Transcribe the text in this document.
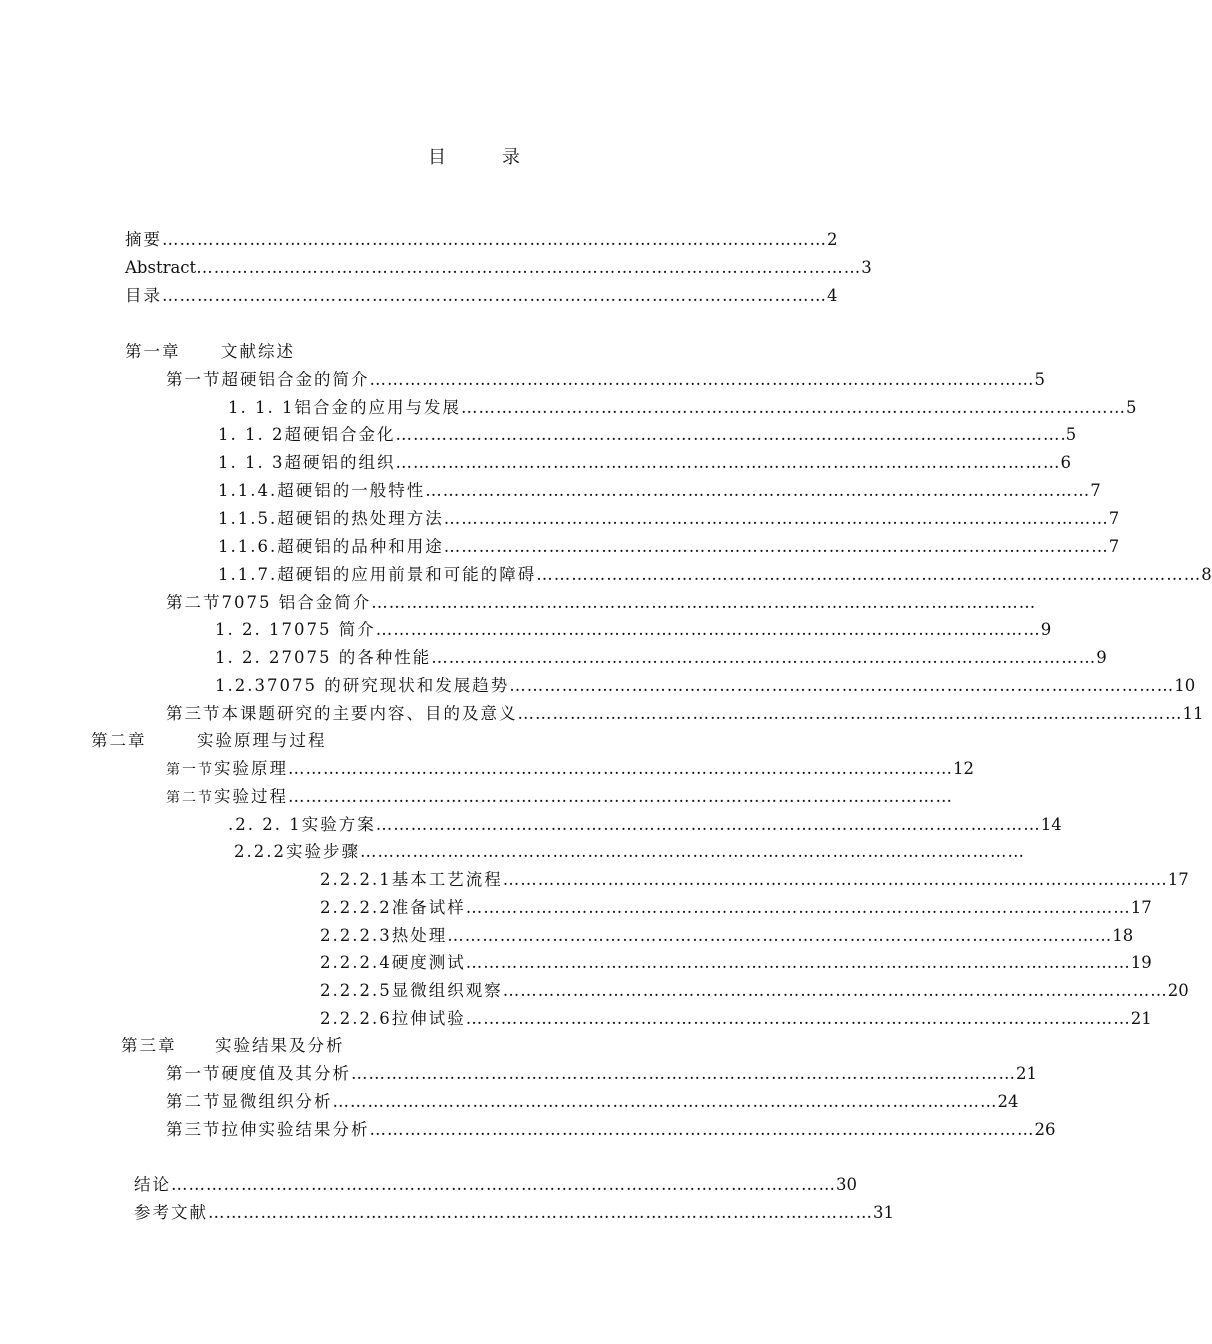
目	录
摘要 …………………………………………………………………………………………………… 2
Abstract …………………………………………………………………………………………………… 3
目录 …………………………………………………………………………………………………… 4
第一章	文献综述
第一节 超硬铝合金的简介 …………………………………………………………………………………………………… 5
1. 1. 1 铝合金的应用与发展 …………………………………………………………………………………………………… 5
1. 1. 2 超硬铝合金化 …………………………………………………………………………………………………… .5
1. 1. 3 超硬铝的组织 …………………………………………………………………………………………………… 6
1.1.4. 超硬铝的一般特性 …………………………………………………………………………………………………… 7
1.1.5. 超硬铝的热处理方法 …………………………………………………………………………………………………… 7
1.1.6. 超硬铝的品种和用途 …………………………………………………………………………………………………… 7
1.1.7. 超硬铝的应用前景和可能的障碍 …………………………………………………………………………………………………… 8
第二节 7075 铝合金简介 ……………………………………………………………………………………………………
1. 2. 1 7075 简介 …………………………………………………………………………………………………… 9
1. 2. 2 7075 的各种性能 …………………………………………………………………………………………………… 9
1.2.3 7075 的研究现状和发展趋势 …………………………………………………………………………………………………… 10
第三节 本课题研究的主要内容、目的及意义 …………………………………………………………………………………………………… 11
第二章	实验原理与过程
第一节 实验原理 …………………………………………………………………………………………………… 12
第二节 实验过程 ……………………………………………………………………………………………………
.2. 2. 1 实验方案 …………………………………………………………………………………………………… 14
2.2.2 实验步骤 ……………………………………………………………………………………………………
2.2.2.1 基本工艺流程 …………………………………………………………………………………………………… 17
2.2.2.2 准备试样 …………………………………………………………………………………………………… 17
2.2.2.3 热处理 …………………………………………………………………………………………………… 18
2.2.2.4 硬度测试 …………………………………………………………………………………………………… 19
2.2.2.5 显微组织观察 …………………………………………………………………………………………………… 20
2.2.2.6 拉伸试验 …………………………………………………………………………………………………… 21
第三章	实验结果及分析
第一节 硬度值及其分析 …………………………………………………………………………………………………… 21
第二节 显微组织分析 …………………………………………………………………………………………………… 24
第三节 拉伸实验结果分析 …………………………………………………………………………………………………… 26
结论 …………………………………………………………………………………………………… 30
参考文献 …………………………………………………………………………………………………… 31
